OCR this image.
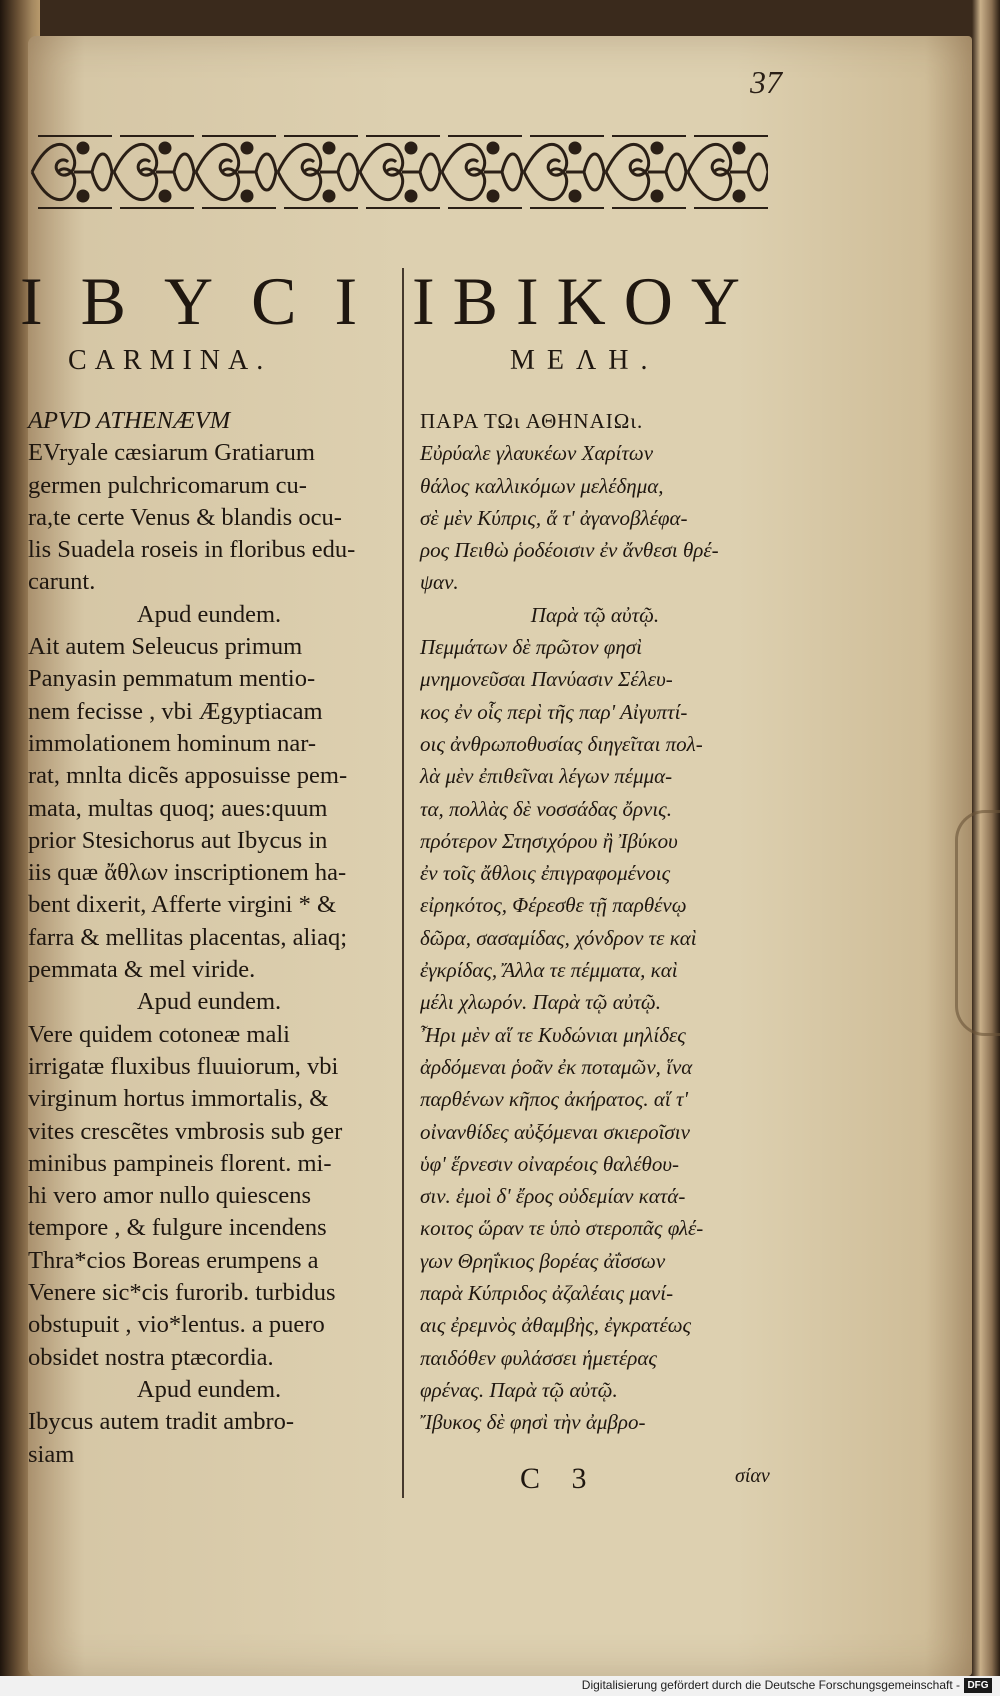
37
IBYCI IBIKOY
CARMINA.	ΜΕΛΗ.
APVD ATHENÆVM
EVryale cæsiarum Gratiarum
germen pulchricomarum cu-
ra,te certe Venus & blandis ocu-
lis Suadela roseis in floribus edu-
carunt.
Apud eundem.
Ait autem Seleucus primum
Panyasin pemmatum mentio-
nem fecisse , vbi Ægyptiacam
immolationem hominum nar-
rat, mnlta dicẽs apposuisse pem-
mata, multas quoq; aues:quum
prior Stesichorus aut Ibycus in
iis quæ ἄθλων inscriptionem ha-
bent dixerit, Afferte virgini * &
farra & mellitas placentas, aliaq;
pemmata & mel viride.
Apud eundem.
Vere quidem cotoneæ mali
irrigatæ fluxibus fluuiorum, vbi
virginum hortus immortalis, &
vites crescẽtes vmbrosis sub ger
minibus pampineis florent. mi-
hi vero amor nullo quiescens
tempore , & fulgure incendens
Thra*cios Boreas erumpens a
Venere sic*cis furorib. turbidus
obstupuit , vio*lentus. a puero
obsidet nostra ptæcordia.
Apud eundem.
Ibycus autem tradit ambro-
siam
ΠΑΡΑ ΤΩι ΑΘΗΝΑΙΩι.
Εὐρύαλε γλαυκέων Χαρίτων
θάλος καλλικόμων μελέδημα,
σὲ μὲν Κύπρις, ἅ τ' ἀγανοβλέφα-
ρος Πειθὼ ῥοδέοισιν ἐν ἄνθεσι θρέ-
ψαν.
Παρὰ τῷ αὐτῷ.
Πεμμάτων δὲ πρῶτον φησὶ
μνημονεῦσαι Πανύασιν Σέλευ-
κος ἐν οἷς περὶ τῆς παρ' Αἰγυπτί-
οις ἀνθρωποθυσίας διηγεῖται πολ-
λὰ μὲν ἐπιθεῖναι λέγων πέμμα-
τα, πολλὰς δὲ νοσσάδας ὄρνις.
πρότερον Στησιχόρου ἢ Ἰβύκου
ἐν τοῖς ἄθλοις ἐπιγραφομένοις
εἰρηκότος, Φέρεσθε τῇ παρθένῳ
δῶρα, σασαμίδας, χόνδρον τε καὶ
ἐγκρίδας, Ἄλλα τε πέμματα, καὶ
μέλι χλωρόν. Παρὰ τῷ αὐτῷ.
Ἦρι μὲν αἵ τε Κυδώνιαι μηλίδες
ἀρδόμεναι ῥοᾶν ἐκ ποταμῶν, ἵνα
παρθένων κῆπος ἀκήρατος. αἵ τ'
οἰνανθίδες αὐξόμεναι σκιεροῖσιν
ὑφ' ἕρνεσιν οἰναρέοις θαλέθου-
σιν. ἐμοὶ δ' ἔρος οὐδεμίαν κατά-
κοιτος ὥραν τε ὑπὸ στεροπᾶς φλέ-
γων Θρηΐκιος βορέας ἀΐσσων
παρὰ Κύπριδος ἀζαλέαις μανί-
αις ἐρεμνὸς ἀθαμβὴς, ἐγκρατέως
παιδόθεν φυλάσσει ἡμετέρας
φρένας. Παρὰ τῷ αὐτῷ.
Ἴβυκος δὲ φησὶ τὴν ἀμβρο-
C 3	σίαν
Digitalisierung gefördert durch die Deutsche Forschungsgemeinschaft - DFG
